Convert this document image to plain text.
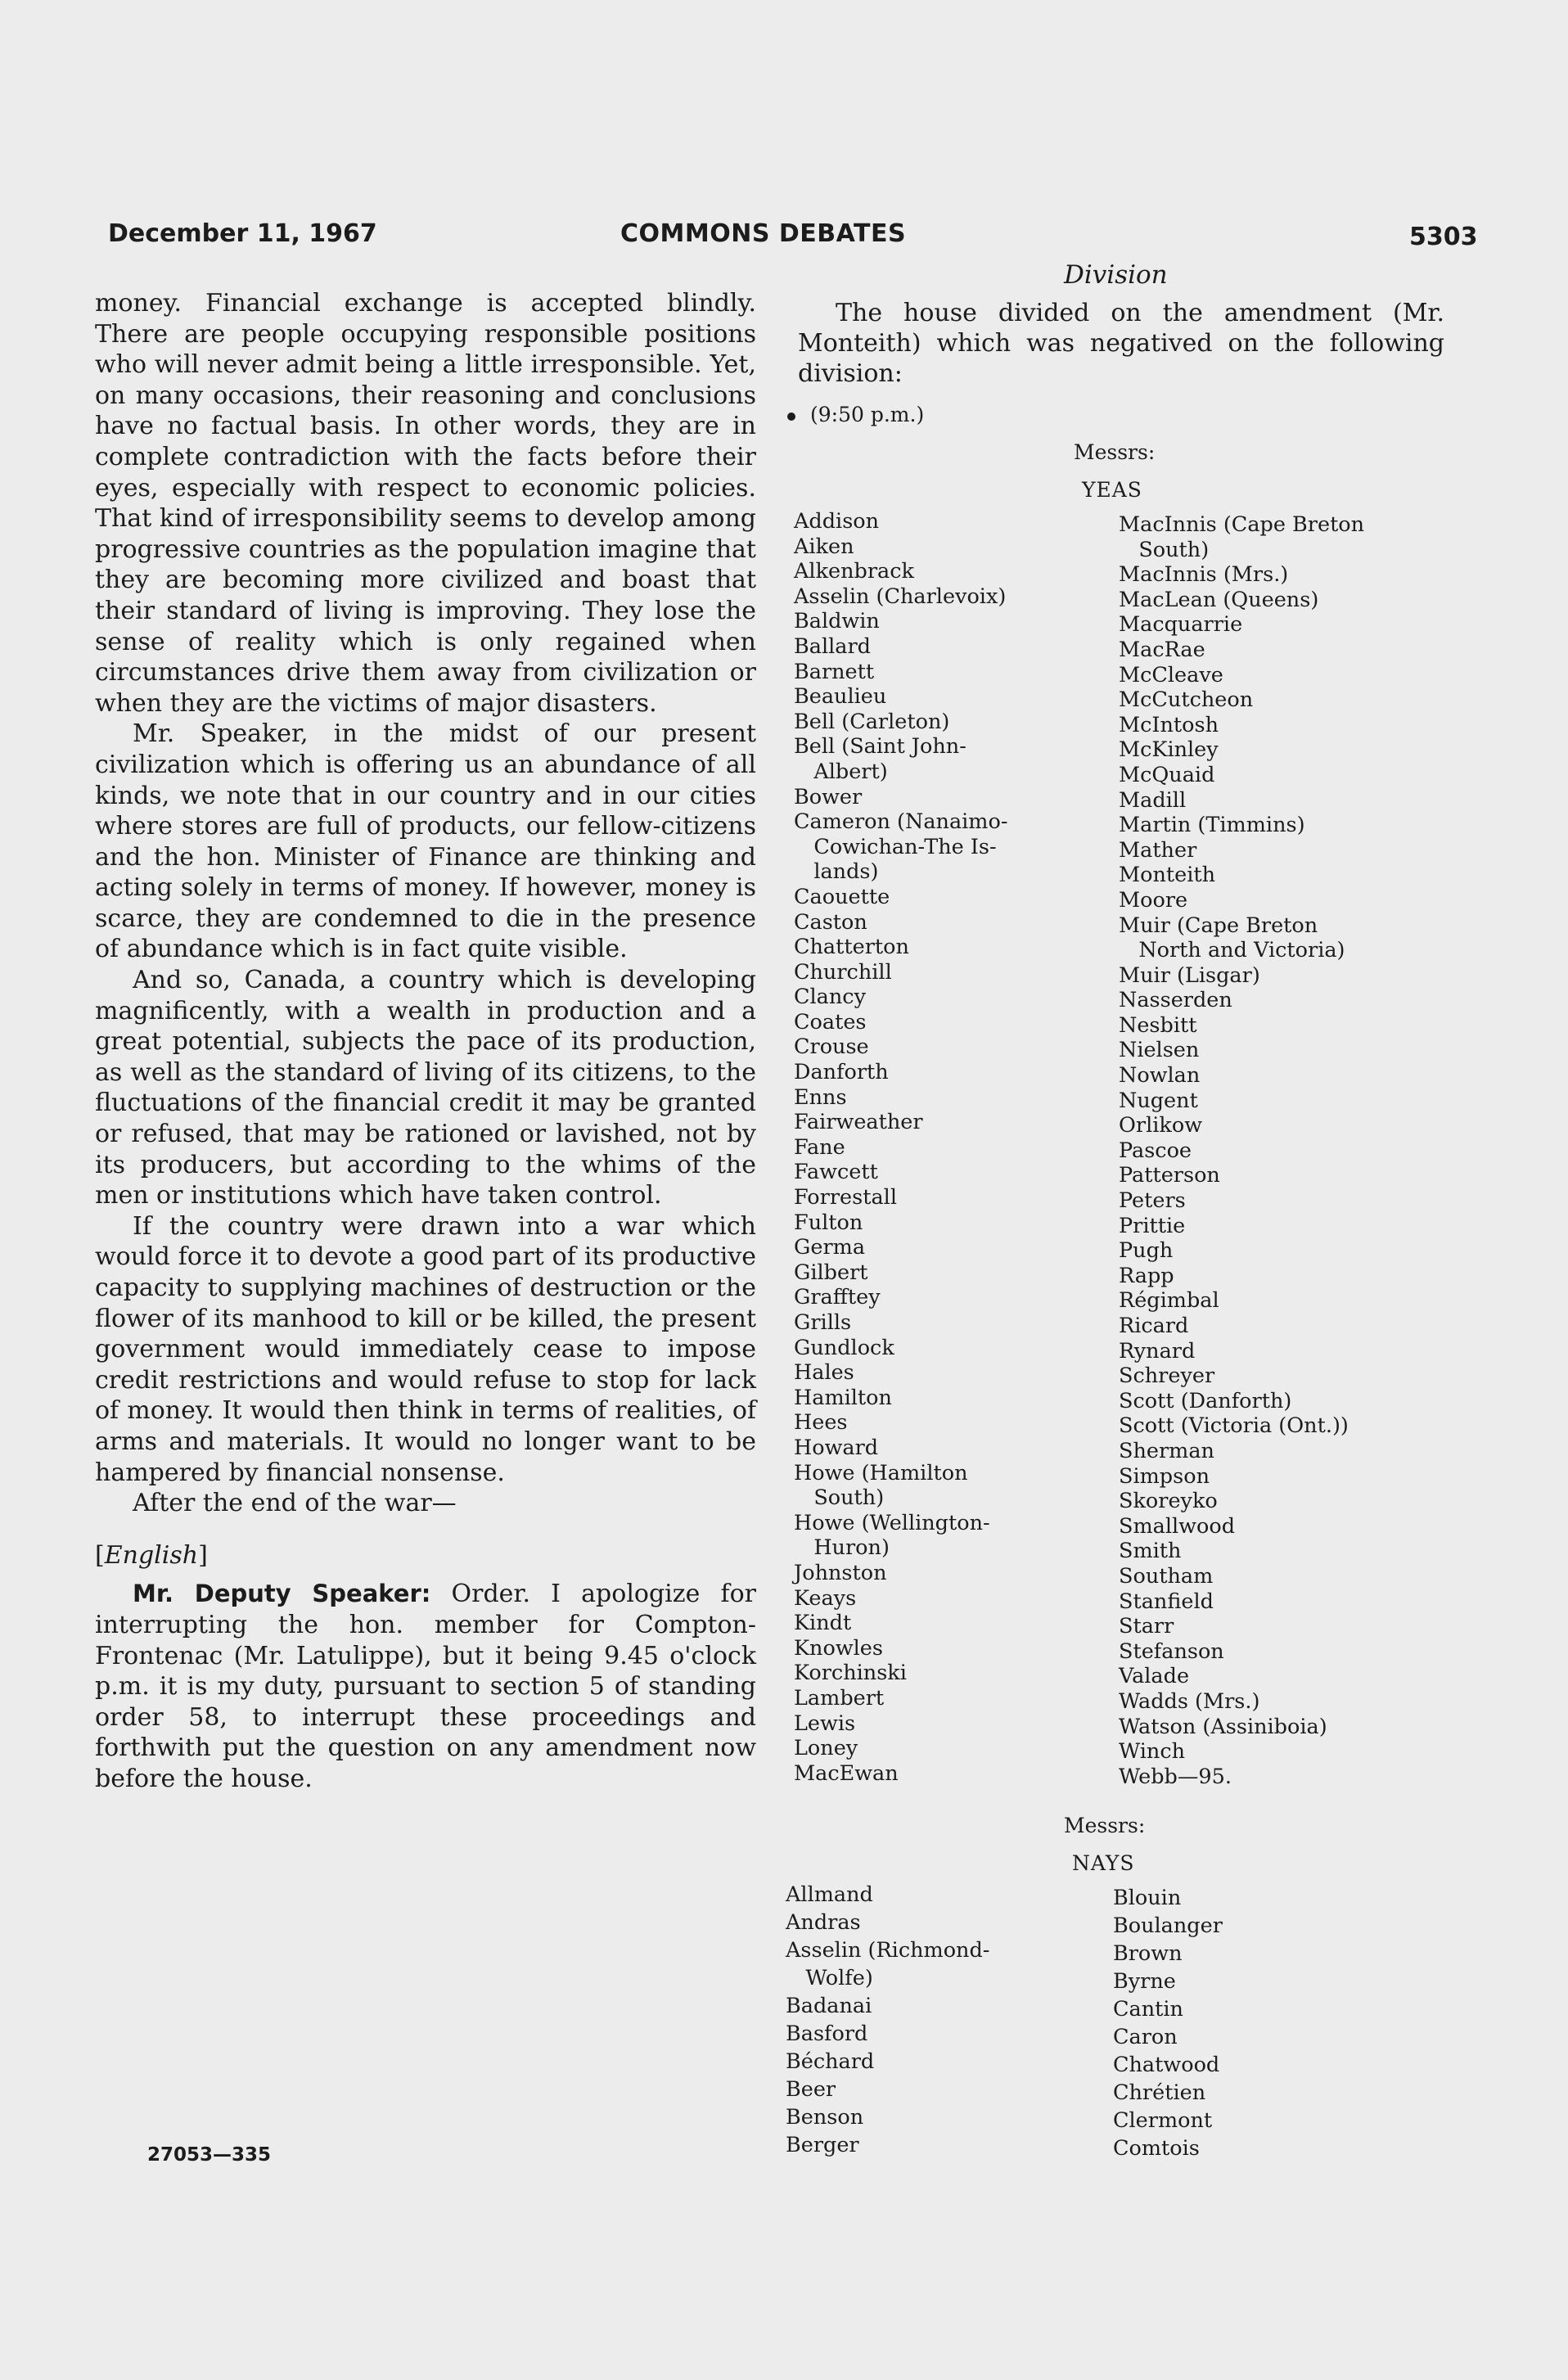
December 11, 1967	COMMONS DEBATES	5303

money. Financial exchange is accepted blindly. There are people occupying responsible positions who will never admit being a little irresponsible. Yet, on many occasions, their reasoning and conclusions have no factual basis. In other words, they are in complete contradiction with the facts before their eyes, especially with respect to economic policies. That kind of irresponsibility seems to develop among progressive countries as the population imagine that they are becoming more civilized and boast that their standard of living is improving. They lose the sense of reality which is only regained when circumstances drive them away from civilization or when they are the victims of major disasters.

Mr. Speaker, in the midst of our present civilization which is offering us an abundance of all kinds, we note that in our country and in our cities where stores are full of products, our fellow-citizens and the hon. Minister of Finance are thinking and acting solely in terms of money. If however, money is scarce, they are condemned to die in the presence of abundance which is in fact quite visible.

And so, Canada, a country which is developing magnificently, with a wealth in production and a great potential, subjects the pace of its production, as well as the standard of living of its citizens, to the fluctuations of the financial credit it may be granted or refused, that may be rationed or lavished, not by its producers, but according to the whims of the men or institutions which have taken control.

If the country were drawn into a war which would force it to devote a good part of its productive capacity to supplying machines of destruction or the flower of its manhood to kill or be killed, the present government would immediately cease to impose credit restrictions and would refuse to stop for lack of money. It would then think in terms of realities, of arms and materials. It would no longer want to be hampered by financial nonsense.

After the end of the war—

[English]

Mr. Deputy Speaker: Order. I apologize for interrupting the hon. member for Compton-Frontenac (Mr. Latulippe), but it being 9.45 o'clock p.m. it is my duty, pursuant to section 5 of standing order 58, to interrupt these proceedings and forthwith put the question on any amendment now before the house.

27053—335
Division

The house divided on the amendment (Mr. Monteith) which was negatived on the following division:

(9:50 p.m.)
Messrs:
YEAS
Addison
Aiken
Alkenbrack
Asselin (Charlevoix)
Baldwin
Ballard
Barnett
Beaulieu
Bell (Carleton)
Bell (Saint John-
Albert)
Bower
Cameron (Nanaimo-
Cowichan-The Is-
lands)
Caouette
Caston
Chatterton
Churchill
Clancy
Coates
Crouse
Danforth
Enns
Fairweather
Fane
Fawcett
Forrestall
Fulton
Germa
Gilbert
Grafftey
Grills
Gundlock
Hales
Hamilton
Hees
Howard
Howe (Hamilton
South)
Howe (Wellington-
Huron)
Johnston
Keays
Kindt
Knowles
Korchinski
Lambert
Lewis
Loney
MacEwan
MacInnis (Cape Breton
South)
MacInnis (Mrs.)
MacLean (Queens)
Macquarrie
MacRae
McCleave
McCutcheon
McIntosh
McKinley
McQuaid
Madill
Martin (Timmins)
Mather
Monteith
Moore
Muir (Cape Breton
North and Victoria)
Muir (Lisgar)
Nasserden
Nesbitt
Nielsen
Nowlan
Nugent
Orlikow
Pascoe
Patterson
Peters
Prittie
Pugh
Rapp
Régimbal
Ricard
Rynard
Schreyer
Scott (Danforth)
Scott (Victoria (Ont.))
Sherman
Simpson
Skoreyko
Smallwood
Smith
Southam
Stanfield
Starr
Stefanson
Valade
Wadds (Mrs.)
Watson (Assiniboia)
Winch
Webb—95.
Messrs:
NAYS
Allmand
Andras
Asselin (Richmond-
Wolfe)
Badanai
Basford
Béchard
Beer
Benson
Berger
Blouin
Boulanger
Brown
Byrne
Cantin
Caron
Chatwood
Chrétien
Clermont
Comtois
